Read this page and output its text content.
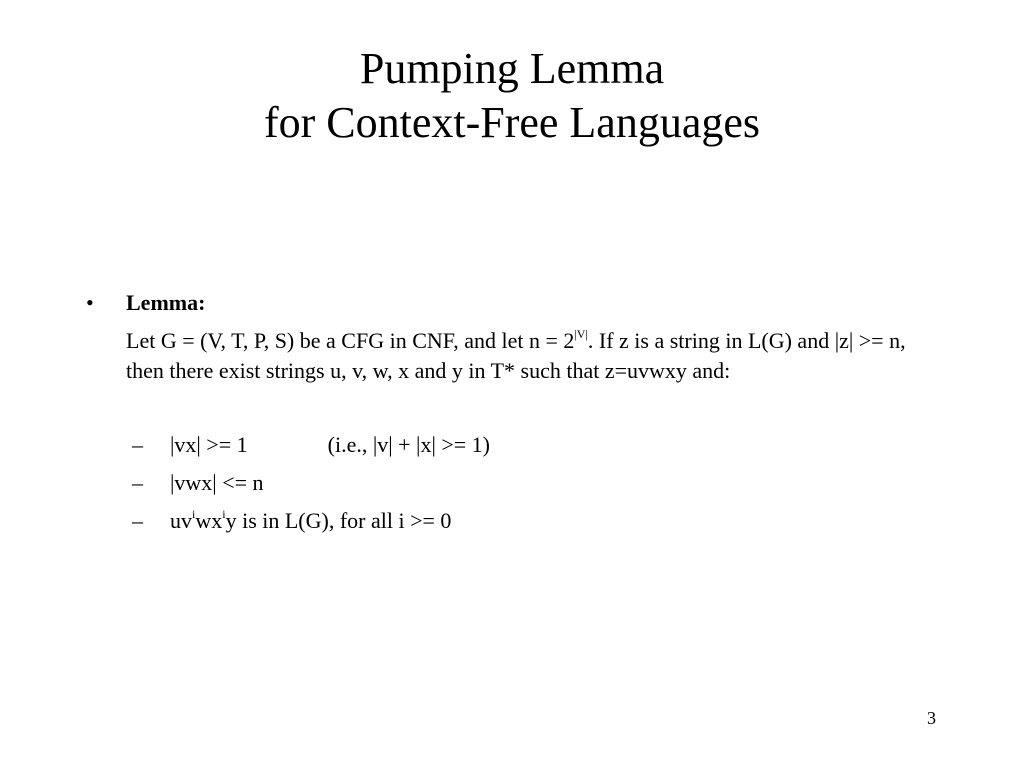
Pumping Lemma
for Context-Free Languages
• Lemma:
Let G = (V, T, P, S) be a CFG in CNF, and let $n = 2^{|V|}$. If z is a string in L(G) and |z| >= n, then there exist strings u, v, w, x and y in T* such that z=uvwxy and:
– |vx| >= 1	(i.e., |v| + |x| >= 1)
– |vwx| <= n
– $uv^iwx^iy$ is in L(G), for all i >= 0
3
